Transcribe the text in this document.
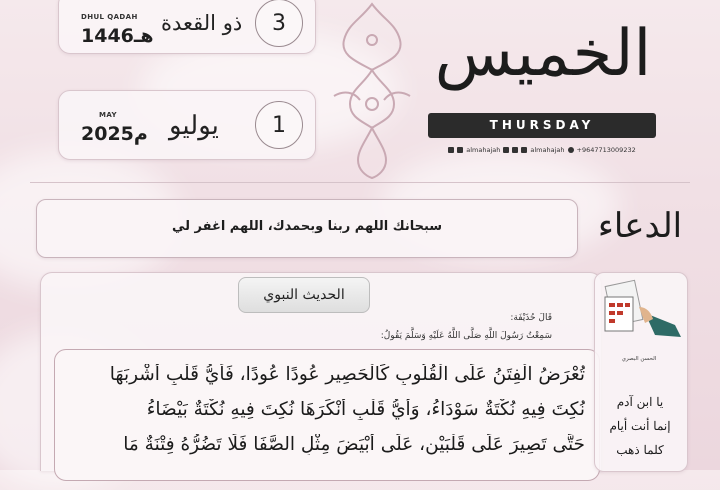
DHUL QADAH
1446هـ
ذو القعدة	3
MAY
2025م يوليو	1
الخميس
THURSDAY
almahajah	almahajah +9647713009232
سبحانك اللهم ربنا وبحمدك، اللهم اغفر لي	الدعاء
الحديث النبوي
قَالَ حُذَيْفَة:
سَمِعْتُ رَسُولَ اللَّهِ صَلَّى اللَّهُ عَلَيْهِ وَسَلَّمَ يَقُولُ:
تُعْرَضُ الْفِتَنُ عَلَى الْقُلُوبِ كَالْحَصِيرِ عُودًا عُودًا، فَأَيُّ قَلْبٍ أُشْرِبَهَا
نُكِتَ فِيهِ نُكْتَةٌ سَوْدَاءُ، وَأَيُّ قَلْبٍ أَنْكَرَهَا نُكِتَ فِيهِ نُكْتَةٌ بَيْضَاءُ
حَتَّى تَصِيرَ عَلَى قَلْبَيْنِ، عَلَى أَبْيَضَ مِثْلِ الصَّفَا فَلَا تَضُرُّهُ فِتْنَةٌ مَا
يا ابن آدم
إنما أنت أيام
كلما ذهب
الحسن البصري
